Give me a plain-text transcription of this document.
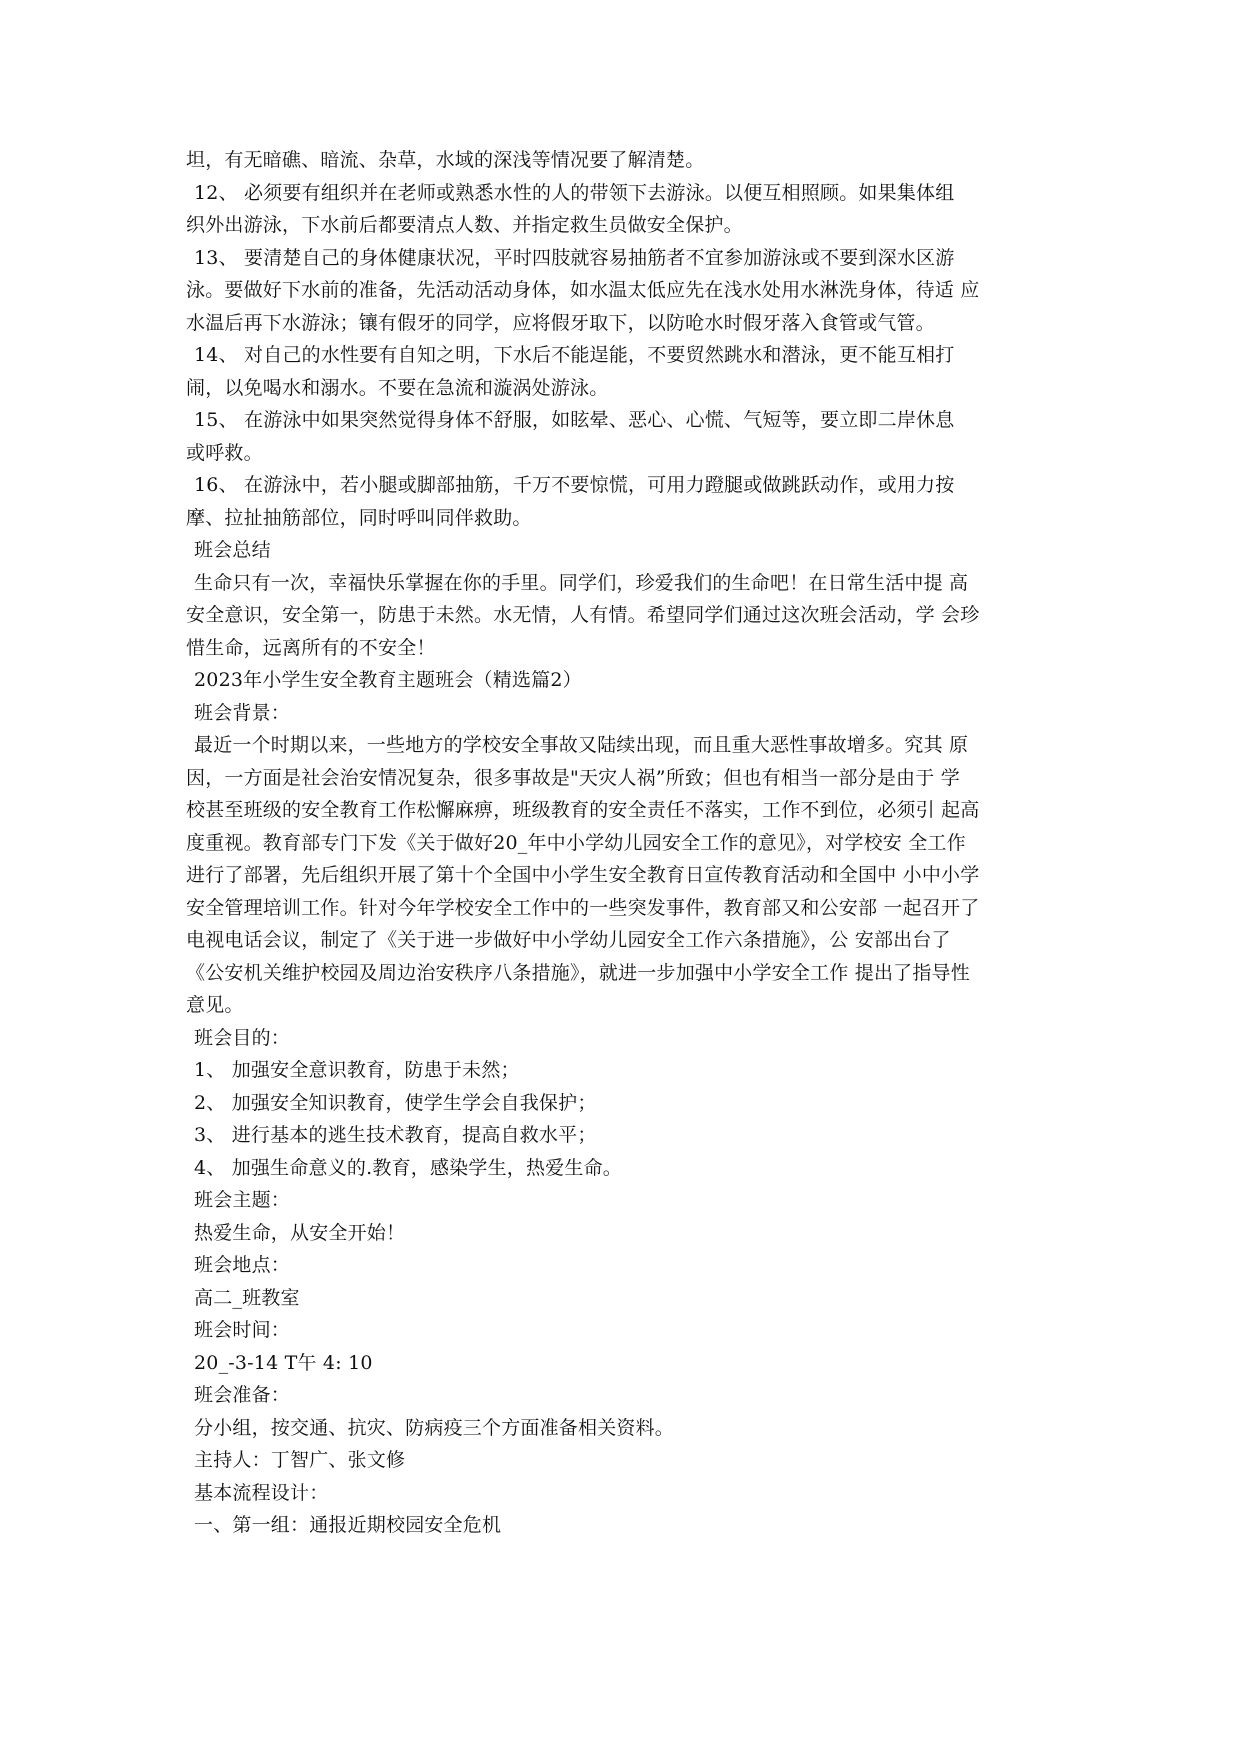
坦，有无暗礁、暗流、杂草，水域的深浅等情况要了解清楚。
12、 必须要有组织并在老师或熟悉水性的人的带领下去游泳。以便互相照顾。如果集体组
织外出游泳，下水前后都要清点人数、并指定救生员做安全保护。
13、 要清楚自己的身体健康状况，平时四肢就容易抽筋者不宜参加游泳或不要到深水区游
泳。要做好下水前的准备，先活动活动身体，如水温太低应先在浅水处用水淋洗身体，待适 应
水温后再下水游泳；镶有假牙的同学，应将假牙取下，以防呛水时假牙落入食管或气管。
14、 对自己的水性要有自知之明，下水后不能逞能，不要贸然跳水和潜泳，更不能互相打
闹，以免喝水和溺水。不要在急流和漩涡处游泳。
15、 在游泳中如果突然觉得身体不舒服，如眩晕、恶心、心慌、气短等，要立即二岸休息
或呼救。
16、 在游泳中，若小腿或脚部抽筋，千万不要惊慌，可用力蹬腿或做跳跃动作，或用力按
摩、拉扯抽筋部位，同时呼叫同伴救助。
班会总结
生命只有一次，幸福快乐掌握在你的手里。同学们，珍爱我们的生命吧！在日常生活中提 高
安全意识，安全第一，防患于未然。水无情，人有情。希望同学们通过这次班会活动，学 会珍
惜生命，远离所有的不安全！
2023年小学生安全教育主题班会（精选篇2）
班会背景：
最近一个时期以来，一些地方的学校安全事故又陆续出现，而且重大恶性事故增多。究其 原
因，一方面是社会治安情况复杂，很多事故是"天灾人祸”所致；但也有相当一部分是由于 学
校甚至班级的安全教育工作松懈麻痹，班级教育的安全责任不落实，工作不到位，必须引 起高
度重视。教育部专门下发《关于做好20_年中小学幼儿园安全工作的意见》，对学校安 全工作
进行了部署，先后组织开展了第十个全国中小学生安全教育日宣传教育活动和全国中 小中小学
安全管理培训工作。针对今年学校安全工作中的一些突发事件，教育部又和公安部 一起召开了
电视电话会议，制定了《关于进一步做好中小学幼儿园安全工作六条措施》，公 安部出台了
《公安机关维护校园及周边治安秩序八条措施》，就进一步加强中小学安全工作 提出了指导性
意见。
班会目的：
1、 加强安全意识教育，防患于未然；
2、 加强安全知识教育，使学生学会自我保护；
3、 进行基本的逃生技术教育，提高自救水平；
4、 加强生命意义的.教育，感染学生，热爱生命。
班会主题：
热爱生命，从安全开始！
班会地点：
高二_班教室
班会时间：
20_-3-14 T午 4: 10
班会准备：
分小组，按交通、抗灾、防病疫三个方面准备相关资料。
主持人：丁智广、张文修
基本流程设计：
一、第一组：通报近期校园安全危机
